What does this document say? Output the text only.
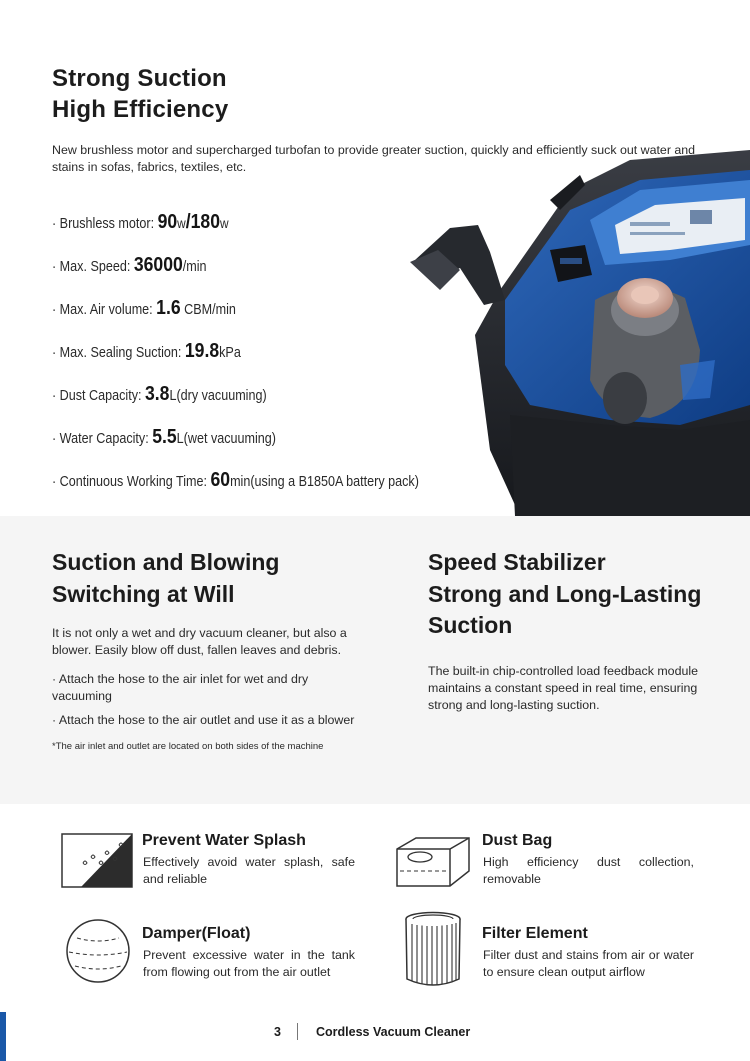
Strong Suction
High Efficiency
New brushless motor and supercharged turbofan to provide greater suction, quickly and efficiently suck out water and stains in sofas, fabrics, textiles, etc.
· Brushless motor: 90w/180w
· Max. Speed: 36000/min
· Max. Air volume: 1.6 CBM/min
· Max. Sealing Suction: 19.8kPa
· Dust Capacity: 3.8L(dry vacuuming)
· Water Capacity: 5.5L(wet vacuuming)
· Continuous Working Time: 60min(using a B1850A battery pack)
Suction and Blowing
Switching at Will
It is not only a wet and dry vacuum cleaner, but also a blower. Easily blow off dust, fallen leaves and debris.
· Attach the hose to the air inlet for wet and dry vacuuming
· Attach the hose to the air outlet and use it as a blower
*The air inlet and outlet are located on both sides of the machine
Speed Stabilizer
Strong and Long-Lasting
Suction
The built-in chip-controlled load feedback module maintains a constant speed in real time, ensuring strong and long-lasting suction.
Prevent Water Splash
Effectively avoid water splash, safe and reliable
Dust Bag
High efficiency dust collection, removable
Damper(Float)
Prevent excessive water in the tank from flowing out from the air outlet
Filter Element
Filter dust and stains from air or water to ensure clean output airflow
3	Cordless Vacuum Cleaner
